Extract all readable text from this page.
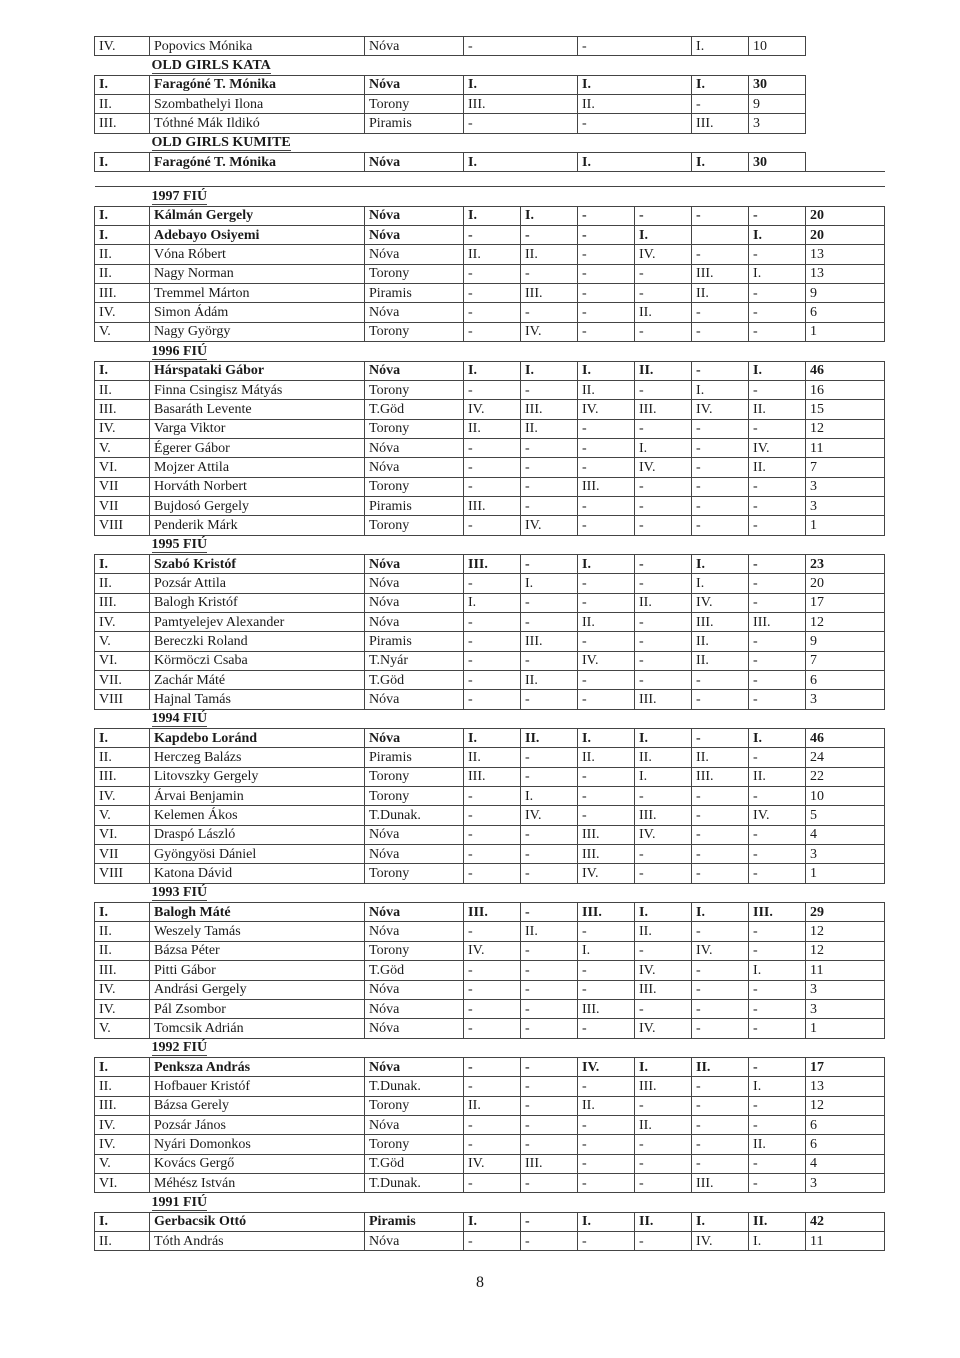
IV.	Popovics Mónika	Nóva	-		-		I.	10	
OLD GIRLS KATA									
I.	Faragóné T. Mónika	Nóva	I.		I.		I.	30	
II.	Szombathelyi Ilona	Torony	III.		II.		-	9	
III.	Tóthné Mák Ildikó	Piramis	-		-		III.	3	
OLD GIRLS KUMITE									
I.	Faragóné T. Mónika	Nóva	I.		I.		I.	30	

1997 FIÚ									
I.	Kálmán Gergely	Nóva	I.	I.	-	-	-	-	20
I.	Adebayo Osiyemi	Nóva	-	-	-	I.		I.	20
II.	Vóna Róbert	Nóva	II.	II.	-	IV.	-	-	13
II.	Nagy Norman	Torony	-	-	-	-	III.	I.	13
III.	Tremmel Márton	Piramis	-	III.	-	-	II.	-	9
IV.	Simon Ádám	Nóva	-	-	-	II.	-	-	6
V.	Nagy György	Torony	-	IV.	-	-	-	-	1
1996 FIÚ									
I.	Hárspataki Gábor	Nóva	I.	I.	I.	II.	-	I.	46
II.	Finna Csingisz Mátyás	Torony	-	-	II.	-	I.	-	16
III.	Basaráth Levente	T.Göd	IV.	III.	IV.	III.	IV.	II.	15
IV.	Varga Viktor	Torony	II.	II.	-	-	-	-	12
V.	Égerer Gábor	Nóva	-	-	-	I.	-	IV.	11
VI.	Mojzer Attila	Nóva	-	-	-	IV.	-	II.	7
VII	Horváth Norbert	Torony	-	-	III.	-	-	-	3
VII	Bujdosó Gergely	Piramis	III.	-	-	-	-	-	3
VIII	Penderik Márk	Torony	-	IV.	-	-	-	-	1
1995 FIÚ									
I.	Szabó Kristóf	Nóva	III.	-	I.	-	I.	-	23
II.	Pozsár Attila	Nóva	-	I.	-	-	I.	-	20
III.	Balogh Kristóf	Nóva	I.	-	-	II.	IV.	-	17
IV.	Pamtyelejev Alexander	Nóva	-	-	II.	-	III.	III.	12
V.	Bereczki Roland	Piramis	-	III.	-	-	II.	-	9
VI.	Körmöczi Csaba	T.Nyár	-	-	IV.	-	II.	-	7
VII.	Zachár Máté	T.Göd	-	II.	-	-	-	-	6
VIII	Hajnal Tamás	Nóva	-	-	-	III.	-	-	3
1994 FIÚ									
I.	Kapdebo Loránd	Nóva	I.	II.	I.	I.	-	I.	46
II.	Herczeg Balázs	Piramis	II.	-	II.	II.	II.	-	24
III.	Litovszky Gergely	Torony	III.	-	-	I.	III.	II.	22
IV.	Árvai Benjamin	Torony	-	I.	-	-	-	-	10
V.	Kelemen Ákos	T.Dunak.	-	IV.	-	III.	-	IV.	5
VI.	Draspó László	Nóva	-	-	III.	IV.	-	-	4
VII	Gyöngyösi Dániel	Nóva	-	-	III.	-	-	-	3
VIII	Katona Dávid	Torony	-	-	IV.	-	-	-	1
1993 FIÚ									
I.	Balogh Máté	Nóva	III.	-	III.	I.	I.	III.	29
II.	Weszely Tamás	Nóva	-	II.	-	II.	-	-	12
II.	Bázsa Péter	Torony	IV.	-	I.	-	IV.	-	12
III.	Pitti Gábor	T.Göd	-	-	-	IV.	-	I.	11
IV.	Andrási Gergely	Nóva	-	-	-	III.	-	-	3
IV.	Pál Zsombor	Nóva	-	-	III.	-	-	-	3
V.	Tomcsik Adrián	Nóva	-	-	-	IV.	-	-	1
1992 FIÚ									
I.	Penksza András	Nóva	-	-	IV.	I.	II.	-	17
II.	Hofbauer Kristóf	T.Dunak.	-	-	-	III.	-	I.	13
III.	Bázsa Gerely	Torony	II.	-	II.	-	-	-	12
IV.	Pozsár János	Nóva	-	-	-	II.	-	-	6
IV.	Nyári Domonkos	Torony	-	-	-	-	-	II.	6
V.	Kovács Gergő	T.Göd	IV.	III.	-	-	-	-	4
VI.	Méhész István	T.Dunak.	-	-	-	-	III.	-	3
1991 FIÚ									
I.	Gerbacsik Ottó	Piramis	I.	-	I.	II.	I.	II.	42
II.	Tóth András	Nóva	-	-	-	-	IV.	I.	11
8
